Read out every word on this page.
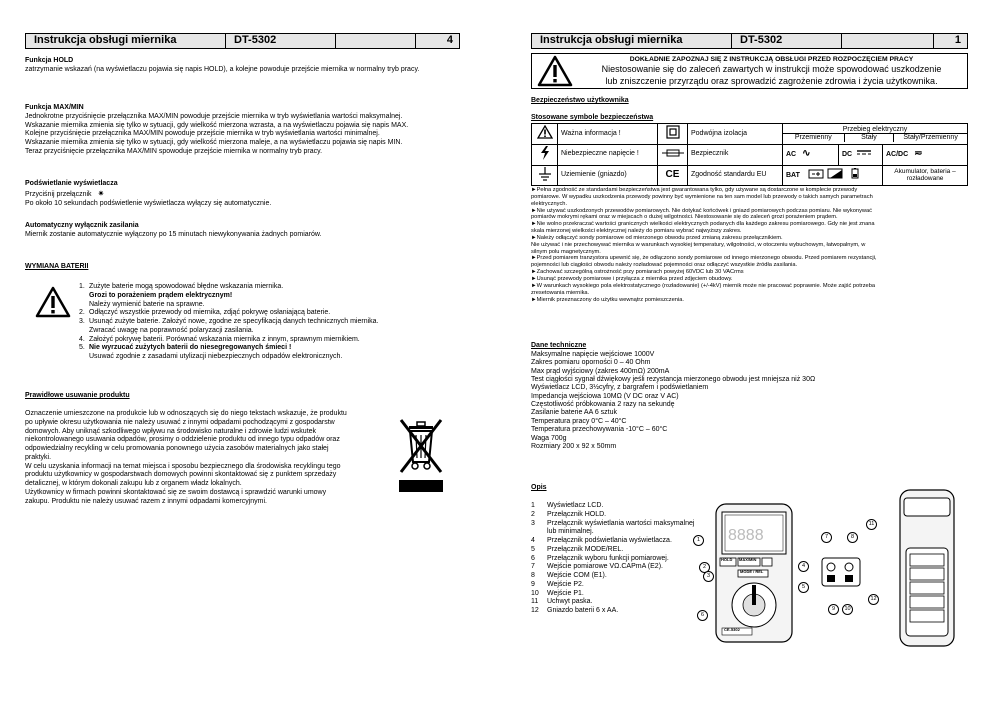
Instrukcja obsługi miernika	DT-5302	4
Funkcja HOLD

zatrzymanie wskazań (na wyświetlaczu pojawia się napis HOLD), a kolejne powoduje przejście miernika w normalny tryb pracy.

Funkcja MAX/MIN

Jednokrotne przyciśnięcie przełącznika MAX/MIN powoduje przejście miernika w tryb wyświetlania wartości maksymalnej.

Wskazanie miernika zmienia się tylko w sytuacji, gdy wielkość mierzona wzrasta, a na wyświetlaczu pojawia się napis MAX.

Kolejne przyciśnięcie przełącznika MAX/MIN powoduje przejście miernika w tryb wyświetlania wartości minimalnej.

Wskazanie miernika zmienia się tylko w sytuacji, gdy wielkość mierzona maleje, a na wyświetlaczu pojawia się napis MIN.

Teraz przyciśnięcie przełącznika MAX/MIN spowoduje przejście miernika w normalny tryb pracy.

Podświetlanie wyświetlacza

Przyciśnij przełącznik ✷

Po około 10 sekundach podświetlenie wyświetlacza wyłączy się automatycznie.

Automatyczny wyłącznik zasilania

Miernik zostanie automatycznie wyłączony po 15 minutach niewykonywania żadnych pomiarów.

WYMIANA BATERII
1. Zużyte baterie mogą spowodować błędne wskazania miernika.
Grozi to porażeniem prądem elektrycznym!
Należy wymienić baterie na sprawne.
2. Odłączyć wszystkie przewody od miernika, zdjąć pokrywę osłaniającą baterie.
3. Usunąć zużyte baterie. Założyć nowe, zgodne ze specyfikacją danych technicznych miernika.
Zwracać uwagę na poprawność polaryzacji zasilania.
4. Założyć pokrywę baterii. Porównać wskazania miernika z innym, sprawnym miernikiem.
5. Nie wyrzucać zużytych baterii do niesegregowanych śmieci !
Usuwać zgodnie z zasadami utylizacji niebezpiecznych odpadów elektronicznych.
Prawidłowe usuwanie produktu

Oznaczenie umieszczone na produkcie lub w odnoszących się do niego tekstach wskazuje, że produktu

po upływie okresu użytkowania nie należy usuwać z innymi odpadami pochodzącymi z gospodarstw

domowych. Aby uniknąć szkodliwego wpływu na środowisko naturalne i zdrowie ludzi wskutek

niekontrolowanego usuwania odpadów, prosimy o oddzielenie produktu od innego typu odpadów oraz

odpowiedzialny recykling w celu promowania ponownego użycia zasobów materialnych jako stałej

praktyki.

W celu uzyskania informacji na temat miejsca i sposobu bezpiecznego dla środowiska recyklingu tego

produktu użytkownicy w gospodarstwach domowych powinni skontaktować się z punktem sprzedaży

detalicznej, w którym dokonali zakupu lub z organem władz lokalnych.

Użytkownicy w firmach powinni skontaktować się ze swoim dostawcą i sprawdzić warunki umowy

zakupu. Produktu nie należy usuwać razem z innymi odpadami komercyjnymi.

Instrukcja obsługi miernika	DT-5302	1
DOKŁADNIE ZAPOZNAJ SIĘ Z INSTRUKCJĄ OBSŁUGI PRZED ROZPOCZĘCIEM PRACY
Niestosowanie się do zaleceń zawartych w instrukcji może spowodować uszkodzenie
lub zniszczenie przyrządu oraz sprowadzić zagrożenie zdrowia i życia użytkownika.
Bezpieczeństwo użytkownika
Stosowane symbole bezpieczeństwa
	Ważna informacja !		Podwójna izolacja	Przebieg elektryczny
Przemienny Stały Stały/Przemienny		

	Niebezpieczne napięcie !		Bezpiecznik	AC ∿	DC	AC/DC ≂
	Uziemienie (gniazdo)	CE	Zgodność standardu EU	BAT		Akumulator, bateria – rozładowane

►Pełna zgodność ze standardami bezpieczeństwa jest gwarantowana tylko, gdy używane są dostarczone w komplecie przewody

pomiarowe. W wypadku uszkodzenia przewody powinny być wymienione na ten sam model lub przewody o takich samych parametrach

elektrycznych.

►Nie używać uszkodzonych przewodów pomiarowych. Nie dotykać końcówek i gniazd pomiarowych podczas pomiaru. Nie wykonywać

pomiarów mokrymi rękami oraz w miejscach o dużej wilgotności. Niestosowanie się do zaleceń grozi porażeniem prądem.

►Nie wolno przekraczać wartości granicznych wielkości elektrycznych podanych dla każdego zakresu pomiarowego. Gdy nie jest znana

skala mierzonej wielkości elektrycznej należy do pomiaru wybrać najwyższy zakres.

►Należy odłączyć sondy pomiarowe od mierzonego obwodu przed zmianą zakresu przełącznikiem.

Nie używać i nie przechowywać miernika w warunkach wysokiej temperatury, wilgotności, w otoczeniu wybuchowym, łatwopalnym, w

silnym polu magnetycznym.

►Przed pomiarem tranzystora upewnić się, że odłączono sondy pomiarowe od innego mierzonego obwodu. Przed pomiarem rezystancji,

pojemności lub ciągłości obwodu należy rozładować pojemności oraz odłączyć wszystkie źródła zasilania.

►Zachować szczególną ostrożność przy pomiarach powyżej 60VDC lub 30 VACrms

►Usunąć przewody pomiarowe i przyłącza z miernika przed zdjęciem obudowy.

►W warunkach wysokiego pola elektrostatycznego (rozładowanie) (+/-4kV) miernik może nie pracować poprawnie. Może zajść potrzeba

zresetowania miernika.

►Miernik przeznaczony do użytku wewnątrz pomieszczenia.

Dane techniczne

Maksymalne napięcie wejściowe 1000V

Zakres pomiaru oporności 0 – 40 Ohm

Max prąd wyjściowy (zakres 400mΩ) 200mA

Test ciągłości sygnał dźwiękowy jeśli rezystancja mierzonego obwodu jest mniejsza niż 30Ω

Wyświetlacz LCD, 3½cyfry, z bargrafem i podświetlaniem

Impedancja wejściowa 10MΩ (V DC oraz V AC)

Częstotliwość próbkowania 2 razy na sekundę

Zasilanie baterie AA 6 sztuk

Temperatura pracy 0°C – 40°C

Temperatura przechowywania -10°C – 60°C

Waga 700g

Rozmiary 200 x 92 x 50mm

Opis
1	Wyświetlacz LCD.
2	Przełącznik HOLD.
3	Przełącznik wyświetlania wartości maksymalnej lub minimalnej.
4	Przełącznik podświetlania wyświetlacza.
5	Przełącznik MODE/REL.
6	Przełącznik wyboru funkcji pomiarowej.
7	Wejście pomiarowe VΩ.CAPmA (E2).
8	Wejście COM (E1).
9	Wejście P2.
10	Wejście P1.
11	Uchwyt paska.
12	Gniazdo baterii 6 x AA.
8888
HOLD MAX/MIN
MODE / REL
CE-5302
1
2
3
4
5
6
7	8
9	10
11
12
